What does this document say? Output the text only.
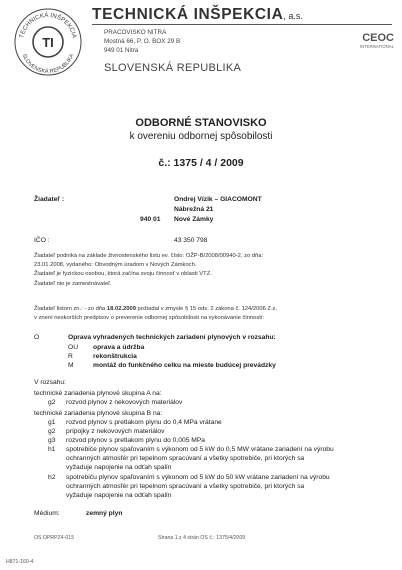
TECHNICKÁ INŠPEKCIA
SLOVENSKÁ REPUBLIKA
TI
TECHNICKÁ INŠPEKCIA, a.s.
PRACOVISKO NITRA
Mostná 66, P. O. BOX 29 B
949 01 Nitra
SLOVENSKÁ REPUBLIKA
CEOC
INTERNATIONAL
ODBORNÉ STANOVISKO
k overeniu odbornej spôsobilosti
č.: 1375 / 4 / 2009
Žiadateľ :	Ondrej Vízik – GIACOMONT
Nábrežná 21
940 01 Nové Zámky
IČO :	43 350 798
Žiadateľ podniká na základe živnostenského listu ev. číslo: OŽP-B/2008/00940-2, zo dňa:
23.01.2008, vydaného: Obvodným úradom v Nových Zámkoch.
Žiadateľ je fyzickou osobou, ktorá začína svoju činnosť v oblasti VTZ.
Žiadateľ nie je zamestnávateľ.
Žiadateľ listom zn.: - zo dňa 18.02.2009 požiadal v zmysle § 15 ods. 2 zákona č. 124/2006 Z.z.
v znení neskorších predpisov o preverenie odbornej spôsobilosti na vykonávanie činností:
O	Oprava vyhradených technických zariadení plynových v rozsahu:
OU oprava a údržba
R	rekonštrukcia
M	montáž do funkčného celku na mieste budúcej prevádzky
V rozsahu:
technické zariadenia plynové skupina A na:
g2 rozvod plynov z nekovových materiálov
technické zariadenia plynové skupina B na:
g1 rozvod plynov s pretlakom plynu do 0,4 MPa vrátane
g2 prípojky z nekovových materiálov
g3 rozvod plynov s pretlakom plynu do 0,005 MPa
h1 spotrebiče plynov spaľovaním s výkonom od 5 kW do 0,5 MW vrátane zariadení na výrobu
ochranných atmosfér pri tepelnom spracúvaní a všetky spotrebiče, pri ktorých sa
vyžaduje napojenie na odťah spalín
h2 spotrebiču plynov spaľovaním s výkonom od 5 kW do 50 kW vrátane zariadení na výrobu
ochranných atmosfér pri tepelnom spracúvaní a všetky spotrebiče, pri ktorých sa
vyžaduje napojenie na odťah spalín
Médium:	zemný plyn
OS OPRPZ4-015	Strana 1 z 4 strán OS č.: 1375/4/2009
H871-160-4
